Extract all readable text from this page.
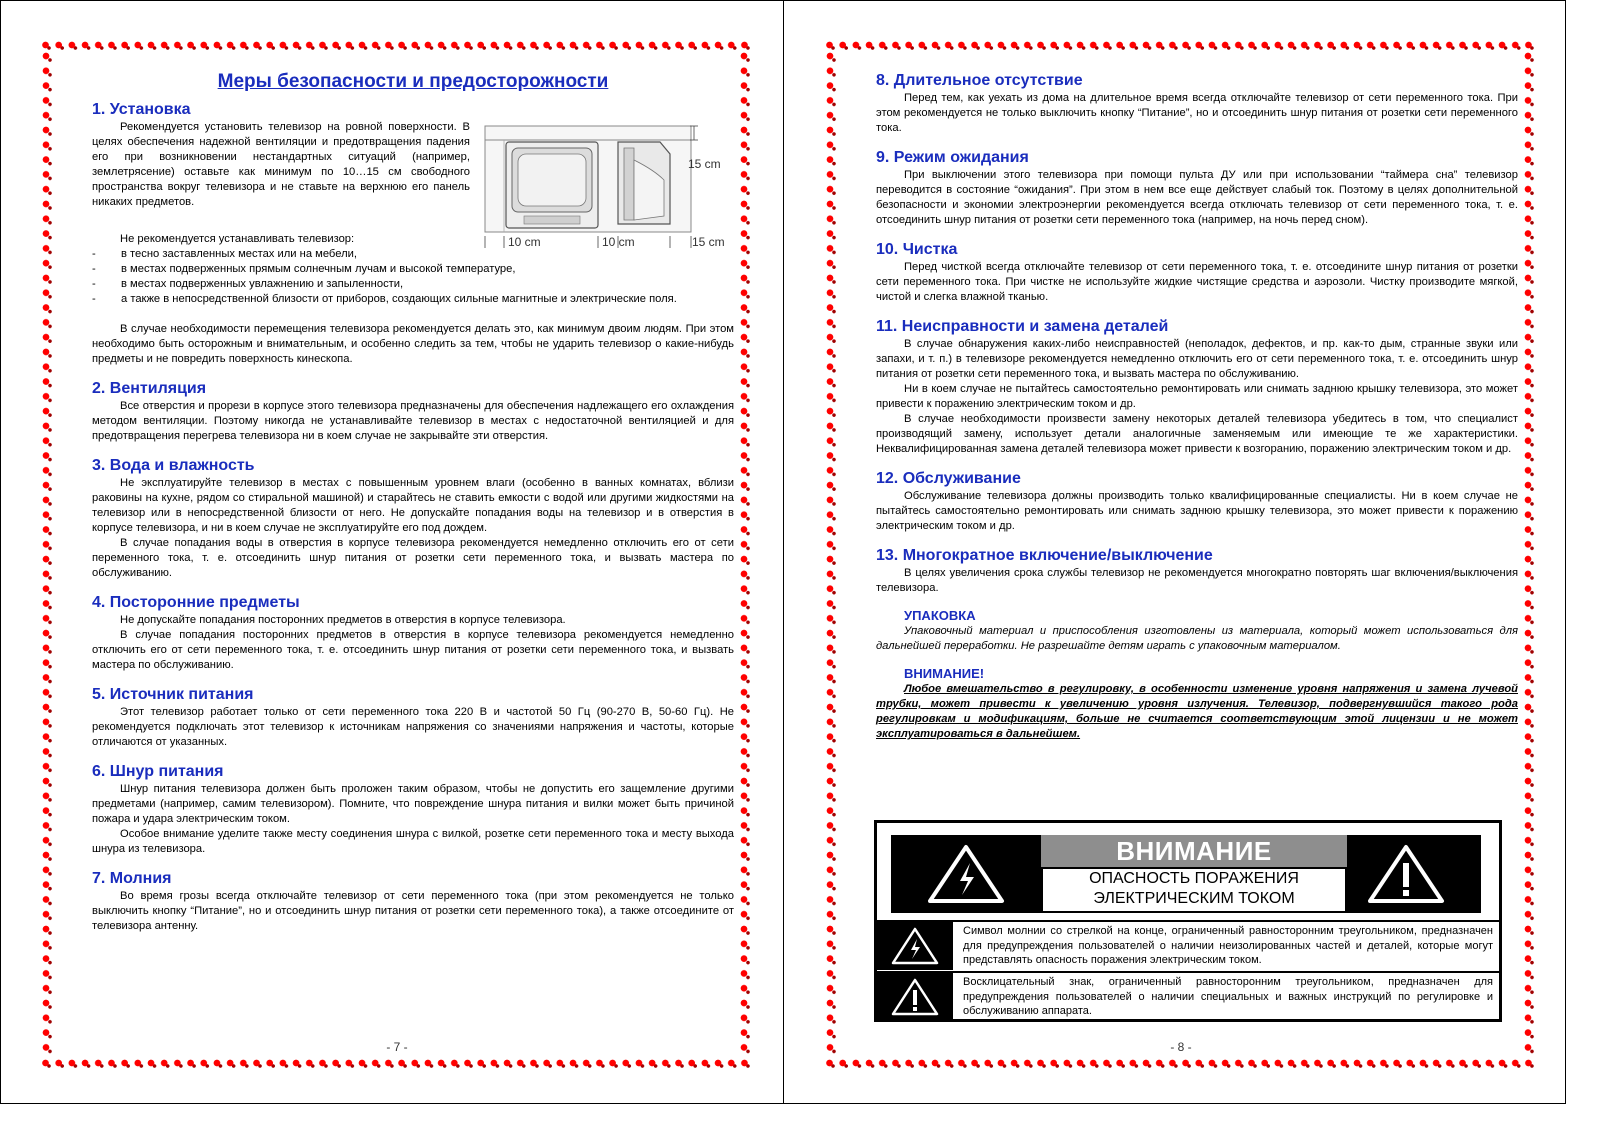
Меры безопасности и предосторожности
1. Установка
15 cm
10 cm	10 cm	15 cm

Рекомендуется установить телевизор на ровной поверхности. В целях обеспечения надежной вентиляции и предотвращения падения его при возникновении нестандартных ситуаций (например, землетрясение) оставьте как минимум по 10…15 см свободного пространства вокруг телевизора и не ставьте на верхнюю его панель никаких предметов.

Не рекомендуется устанавливать телевизор:

- в тесно заставленных местах или на мебели,
- в местах подверженных прямым солнечным лучам и высокой температуре,
- в местах подверженных увлажнению и запыленности,
- а также в непосредственной близости от приборов, создающих сильные магнитные и электрические поля.

В случае необходимости перемещения телевизора рекомендуется делать это, как минимум двоим людям. При этом необходимо быть осторожным и внимательным, и особенно следить за тем, чтобы не ударить телевизор о какие-нибудь предметы и не повредить поверхность кинескопа.

2. Вентиляция

Все отверстия и прорези в корпусе этого телевизора предназначены для обеспечения надлежащего его охлаждения методом вентиляции. Поэтому никогда не устанавливайте телевизор в местах с недостаточной вентиляцией и для предотвращения перегрева телевизора ни в коем случае не закрывайте эти отверстия.

3. Вода и влажность

Не эксплуатируйте телевизор в местах с повышенным уровнем влаги (особенно в ванных комнатах, вблизи раковины на кухне, рядом со стиральной машиной) и старайтесь не ставить емкости с водой или другими жидкостями на телевизор или в непосредственной близости от него. Не допускайте попадания воды на телевизор и в отверстия в корпусе телевизора, и ни в коем случае не эксплуатируйте его под дождем.

В случае попадания воды в отверстия в корпусе телевизора рекомендуется немедленно отключить его от сети переменного тока, т. е. отсоединить шнур питания от розетки сети переменного тока, и вызвать мастера по обслуживанию.

4. Посторонние предметы

Не допускайте попадания посторонних предметов в отверстия в корпусе телевизора.

В случае попадания посторонних предметов в отверстия в корпусе телевизора рекомендуется немедленно отключить его от сети переменного тока, т. е. отсоединить шнур питания от розетки сети переменного тока, и вызвать мастера по обслуживанию.

5. Источник питания

Этот телевизор работает только от сети переменного тока 220 В и частотой 50 Гц (90-270 В, 50-60 Гц). Не рекомендуется подключать этот телевизор к источникам напряжения со значениями напряжения и частоты, которые отличаются от указанных.

6. Шнур питания

Шнур питания телевизора должен быть проложен таким образом, чтобы не допустить его защемление другими предметами (например, самим телевизором). Помните, что повреждение шнура питания и вилки может быть причиной пожара и удара электрическим током.

Особое внимание уделите также месту соединения шнура с вилкой, розетке сети переменного тока и месту выхода шнура из телевизора.

7. Молния

Во время грозы всегда отключайте телевизор от сети переменного тока (при этом рекомендуется не только выключить кнопку “Питание”, но и отсоединить шнур питания от розетки сети переменного тока), а также отсоедините от телевизора антенну.

- 7 -
8. Длительное отсутствие

Перед тем, как уехать из дома на длительное время всегда отключайте телевизор от сети переменного тока. При этом рекомендуется не только выключить кнопку “Питание”, но и отсоединить шнур питания от розетки сети переменного тока.

9. Режим ожидания

При выключении этого телевизора при помощи пульта ДУ или при использовании “таймера сна” телевизор переводится в состояние “ожидания”. При этом в нем все еще действует слабый ток. Поэтому в целях дополнительной безопасности и экономии электроэнергии рекомендуется всегда отключать телевизор от сети переменного тока, т. е. отсоединить шнур питания от розетки сети переменного тока (например, на ночь перед сном).

10. Чистка

Перед чисткой всегда отключайте телевизор от сети переменного тока, т. е. отсоедините шнур питания от розетки сети переменного тока. При чистке не используйте жидкие чистящие средства и аэрозоли. Чистку производите мягкой, чистой и слегка влажной тканью.

11. Неисправности и замена деталей

В случае обнаружения каких-либо неисправностей (неполадок, дефектов, и пр. как-то дым, странные звуки или запахи, и т. п.) в телевизоре рекомендуется немедленно отключить его от сети переменного тока, т. е. отсоединить шнур питания от розетки сети переменного тока, и вызвать мастера по обслуживанию.

Ни в коем случае не пытайтесь самостоятельно ремонтировать или снимать заднюю крышку телевизора, это может привести к поражению электрическим током и др.

В случае необходимости произвести замену некоторых деталей телевизора убедитесь в том, что специалист производящий замену, использует детали аналогичные заменяемым или имеющие те же характеристики. Неквалифицированная замена деталей телевизора может привести к возгоранию, поражению электрическим током и др.

12. Обслуживание

Обслуживание телевизора должны производить только квалифицированные специалисты. Ни в коем случае не пытайтесь самостоятельно ремонтировать или снимать заднюю крышку телевизора, это может привести к поражению электрическим током и др.

13. Многократное включение/выключение

В целях увеличения срока службы телевизор не рекомендуется многократно повторять шаг включения/выключения телевизора.

УПАКОВКА

Упаковочный материал и приспособления изготовлены из материала, который может использоваться для дальнейшей переработки. Не разрешайте детям играть с упаковочным материалом.

ВНИМАНИЕ!
Любое вмешательство в регулировку, в особенности изменение уровня напряжения и замена лучевой трубки, может привести к увеличению уровня излучения. Телевизор, подвергнувшийся такого рода регулировкам и модификациям, больше не считается соответствующим этой лицензии и не может эксплуатироваться в дальнейшем.
ВНИМАНИЕ
ОПАСНОСТЬ ПОРАЖЕНИЯ
ЭЛЕКТРИЧЕСКИМ ТОКОМ
Символ молнии со стрелкой на конце, ограниченный равносторонним треугольником, предназначен для предупреждения пользователей о наличии неизолированных частей и деталей, которые могут представлять опасность поражения электрическим током.
Восклицательный знак, ограниченный равносторонним треугольником, предназначен для предупреждения пользователей о наличии специальных и важных инструкций по регулировке и обслуживанию аппарата.
- 8 -
